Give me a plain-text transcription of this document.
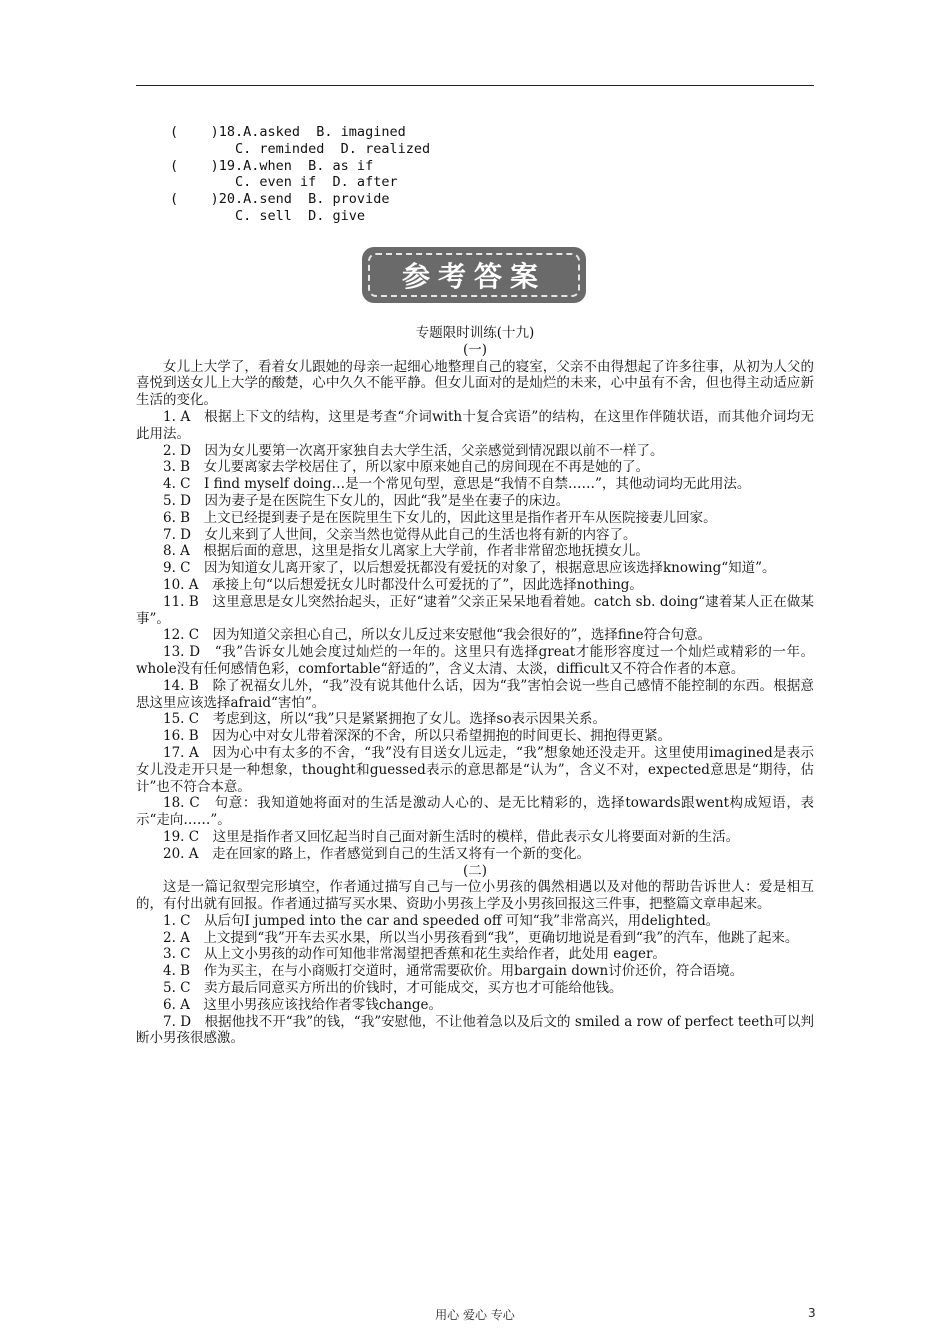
(    )18.A.asked  B. imagined
C. reminded  D. realized
(    )19.A.when  B. as if
C. even if  D. after
(    )20.A.send  B. provide
C. sell  D. give
参考答案
专题限时训练(十九)
(一)

女儿上大学了，看着女儿跟她的母亲一起细心地整理自己的寝室，父亲不由得想起了许多往事，从初为人父的喜悦到送女儿上大学的酸楚，心中久久不能平静。但女儿面对的是灿烂的未来，心中虽有不舍，但也得主动适应新生活的变化。

1. A　根据上下文的结构，这里是考查“介词with十复合宾语”的结构，在这里作伴随状语，而其他介词均无此用法。

2. D　因为女儿要第一次离开家独自去大学生活，父亲感觉到情况跟以前不一样了。

3. B　女儿要离家去学校居住了，所以家中原来她自己的房间现在不再是她的了。

4. C　I find myself doing…是一个常见句型，意思是“我情不自禁……”，其他动词均无此用法。

5. D　因为妻子是在医院生下女儿的，因此“我”是坐在妻子的床边。

6. B　上文已经提到妻子是在医院里生下女儿的，因此这里是指作者开车从医院接妻儿回家。

7. D　女儿来到了人世间，父亲当然也觉得从此自己的生活也将有新的内容了。

8. A　根据后面的意思，这里是指女儿离家上大学前，作者非常留恋地抚摸女儿。

9. C　因为知道女儿离开家了，以后想爱抚都没有爱抚的对象了，根据意思应该选择knowing“知道”。

10. A　承接上句“以后想爱抚女儿时都没什么可爱抚的了”，因此选择nothing。

11. B　这里意思是女儿突然抬起头，正好“逮着”父亲正呆呆地看着她。catch sb. doing“逮着某人正在做某事”。

12. C　因为知道父亲担心自己，所以女儿反过来安慰他“我会很好的”，选择fine符合句意。

13. D　“我”告诉女儿她会度过灿烂的一年的。这里只有选择great才能形容度过一个灿烂或精彩的一年。whole没有任何感情色彩，comfortable“舒适的”，含义太清、太淡，difficult又不符合作者的本意。

14. B　除了祝福女儿外，“我”没有说其他什么话，因为“我”害怕会说一些自己感情不能控制的东西。根据意思这里应该选择afraid“害怕”。

15. C　考虑到这，所以“我”只是紧紧拥抱了女儿。选择so表示因果关系。

16. B　因为心中对女儿带着深深的不舍，所以只希望拥抱的时间更长、拥抱得更紧。

17. A　因为心中有太多的不舍，“我”没有目送女儿远走，“我”想象她还没走开。这里使用imagined是表示女儿没走开只是一种想象，thought和guessed表示的意思都是“认为”，含义不对，expected意思是“期待，估计”也不符合本意。

18. C　句意：我知道她将面对的生活是激动人心的、是无比精彩的，选择towards跟went构成短语，表示“走向……”。

19. C　这里是指作者又回忆起当时自己面对新生活时的模样，借此表示女儿将要面对新的生活。

20. A　走在回家的路上，作者感觉到自己的生活又将有一个新的变化。

(二)

这是一篇记叙型完形填空，作者通过描写自己与一位小男孩的偶然相遇以及对他的帮助告诉世人：爱是相互的，有付出就有回报。作者通过描写买水果、资助小男孩上学及小男孩回报这三件事，把整篇文章串起来。

1. C　从后句I jumped into the car and speeded off 可知“我”非常高兴，用delighted。

2. A　上文提到“我”开车去买水果，所以当小男孩看到“我”，更确切地说是看到“我”的汽车，他跳了起来。

3. C　从上文小男孩的动作可知他非常渴望把香蕉和花生卖给作者，此处用 eager。

4. B　作为买主，在与小商贩打交道时，通常需要砍价。用bargain down讨价还价，符合语境。

5. C　卖方最后同意买方所出的价钱时，才可能成交，买方也才可能给他钱。

6. A　这里小男孩应该找给作者零钱change。

7. D　根据他找不开“我”的钱，“我”安慰他，不让他着急以及后文的 smiled a row of perfect teeth可以判断小男孩很感激。

用心 爱心 专心	3
